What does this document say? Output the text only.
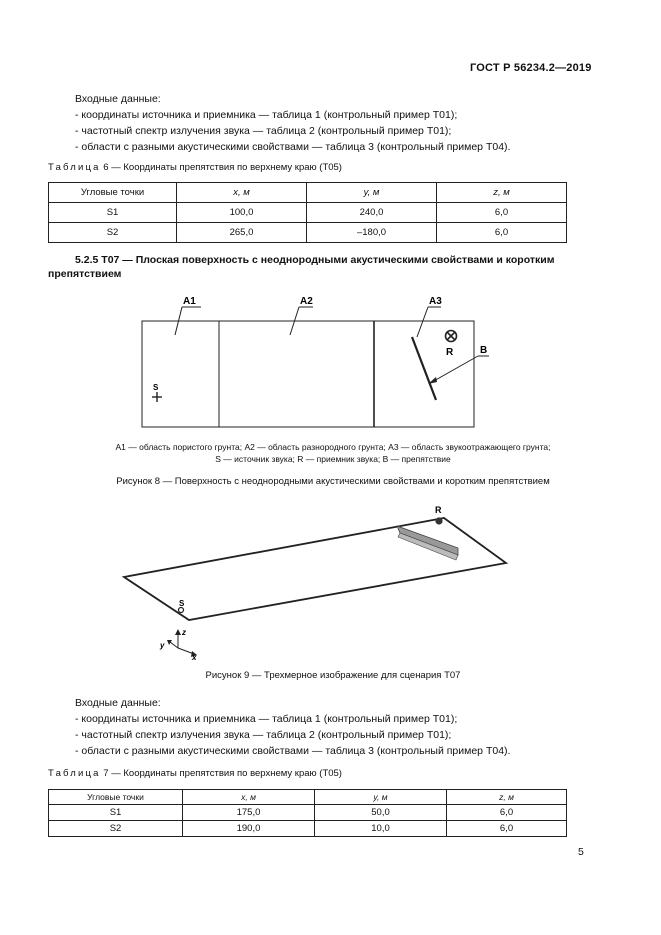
ГОСТ Р 56234.2—2019
Входные данные:
- координаты источника и приемника — таблица 1 (контрольный пример Т01);
- частотный спектр излучения звука — таблица 2 (контрольный пример Т01);
- области с разными акустическими свойствами — таблица 3 (контрольный пример Т04).
Таблица 6 — Координаты препятствия по верхнему краю (Т05)
Угловые точки	x, м	y, м	z, м
S1	100,0	240,0	6,0
S2	265,0	–180,0	6,0
5.2.5 Т07 — Плоская поверхность с неоднородными акустическими свойствами и коротким
препятствием
A1	A2	A3
B
R
S
А1 — область пористого грунта; А2 — область разнородного грунта; А3 — область звукоотражающего грунта;
S — источник звука; R — приемник звука; В — препятствие
Рисунок 8 — Поверхность с неоднородными акустическими свойствами и коротким препятствием
R
S
z
y
x
Рисунок 9 — Трехмерное изображение для сценария Т07
Входные данные:
- координаты источника и приемника — таблица 1 (контрольный пример Т01);
- частотный спектр излучения звука — таблица 2 (контрольный пример Т01);
- области с разными акустическими свойствами — таблица 3 (контрольный пример Т04).
Таблица 7 — Координаты препятствия по верхнему краю (Т05)
Угловые точки	x, м	y, м	z, м
S1	175,0	50,0	6,0
S2	190,0	10,0	6,0
5
